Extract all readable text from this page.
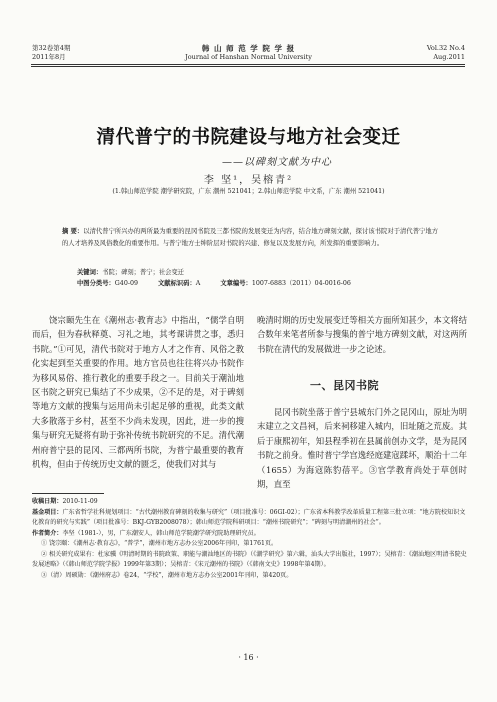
第32卷第4期
2011年8月
韩 山 师 范 学 院 学 报
Journal of Hanshan Normal University
Vol.32 No.4
Aug.2011
清代普宁的书院建设与地方社会变迁
——以碑刻文献为中心
李 坚¹，吴榕青²
(1.韩山师范学院 潮学研究院，广东 潮州 521041；2.韩山师范学院 中文系，广东 潮州 521041)
摘 要：以清代普宁所兴办的两所最为重要的昆冈书院及三都书院的发展变迁为内容，结合地方碑刻文献，探讨该书院对于清代普宁地方的人才培养及风俗教化的重要作用。与普宁地方士绅阶层对书院的兴建、修复以及发展方向，所发挥的重要影响力。
关键词：书院；碑刻；普宁；社会变迁
中图分类号：G40-09	文献标识码：A	文章编号：1007-6883（2011）04-0016-06

饶宗颐先生在《潮州志·教育志》中指出，“儒学自明而后，但为春秋释奠、习礼之地，其考课讲贯之事，悉归书院。”①可见，清代书院对于地方人才之作育、风俗之教化实起到至关重要的作用。地方官员也往往将兴办书院作为移风易俗、推行教化的重要手段之一。目前关于潮汕地区书院之研究已集结了不少成果，②不足的是，对于碑刻等地方文献的搜集与运用尚未引起足够的重视，此类文献大多散落于乡村，甚至不少尚未发现，因此，进一步的搜集与研究无疑将有助于弥补传统书院研究的不足。清代潮州府普宁县的昆冈、三都两所书院，为普宁最重要的教育机构，但由于传统历史文献的匮乏，使我们对其与

晚清时期的历史发展变迁等相关方面所知甚少，本文将结合数年来笔者所参与搜集的普宁地方碑刻文献，对这两所书院在清代的发展做进一步之论述。

一、昆冈书院

昆冈书院坐落于普宁县城东门外之昆冈山，原址为明末建立之文昌祠，后来祠移建入城内，旧址随之荒废。其后于康熙初年，知县程季初在县属前创办文学，是为昆冈书院之前身。惟时普宁学宫逸经庭建寇蹂坏，顺治十二年（1655）为海寇陈豹蓓平。③官学教育尚处于草创时期，直至

收稿日期：2010-11-09

基金项目：广东省哲学社科规划项目：“古代潮州教育碑刻的收集与研究”（项目批准号：06GI-02）；广东省本科教学改革质量工程第三批立项：“地方院校知识文化教育的研究与实践”（项目批准号：BKJ-GYB2008078）；韩山师范学院科研项目：“潮州书院研究”；“碑刻与明清潮州的社会”。

作者简介：李坚（1981-），男，广东潮安人，韩山师范学院潮学研究院助理研究员。

① 饶宗颐：《潮州志·教育志》，“普学”，潮州市地方志办公室2006年刊印，第1761页。

② 相关研究成果有：杜家骥《明清时期的书院政策、职能与潮汕地区的书院》（《潮学研究》第六辑，汕头大学出版社，1997）；吴榕青：《潮汕地区明清书院史发展述略》（《韩山师范学院学报》1999年第3期）；吴榕青：《宋元潮州的书院》（《韩南文史》1998年第4期）。

③（清）周硕勋：《潮州府志》卷24，“学校”，潮州市地方志办公室2001年刊印，第420页。

· 16 ·
